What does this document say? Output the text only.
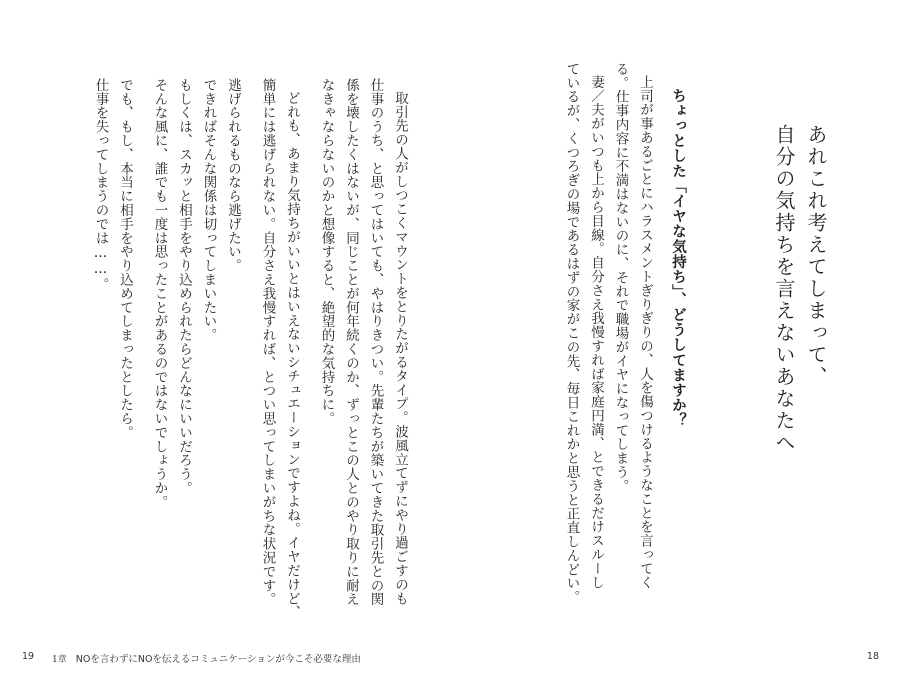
あれこれ考えてしまって、
自分の気持ちを言えないあなたへ
上司が事あるごとにハラスメントぎりぎりの、人を傷つけるようなことを言ってく
る。仕事内容に不満はないのに、それで職場がイヤになってしまう。
妻／夫がいつも上から目線。自分さえ我慢すれば家庭円満、とできるだけスルーし
ているが、くつろぎの場であるはずの家がこの先、毎日これかと思うと正直しんどい。	ちょっとした「イヤな気持ち」、どうしてますか？
取引先の人がしつこくマウントをとりたがるタイプ。波風立てずにやり過ごすのも
仕事のうち、と思ってはいても、やはりきつい。先輩たちが築いてきた取引先との関
係を壊したくはないが、同じことが何年続くのか、ずっとこの人とのやり取りに耐え
なきゃならないのかと想像すると、絶望的な気持ちに。
どれも、あまり気持ちがいいとはいえないシチュエーションですよね。イヤだけど、
簡単には逃げられない。自分さえ我慢すれば、とつい思ってしまいがちな状況です。
逃げられるものなら逃げたい。
できればそんな関係は切ってしまいたい。
もしくは、スカッと相手をやり込められたらどんなにいいだろう。
そんな風に、誰でも一度は思ったことがあるのではないでしょうか。
でも、もし、本当に相手をやり込めてしまったとしたら。
仕事を失ってしまうのでは……。
19 1章 NOを言わずにNOを伝えるコミュニケーションが今こそ必要な理由	18
